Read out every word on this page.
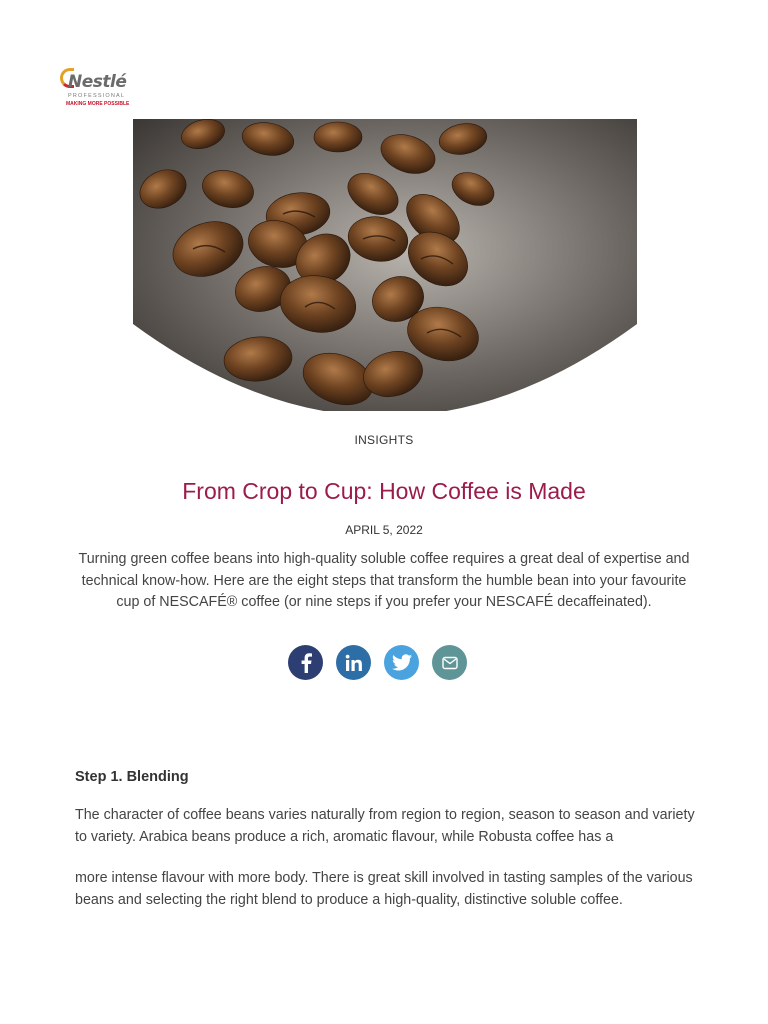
Nestlé
PROFESSIONAL
MAKING MORE POSSIBLE
INSIGHTS
From Crop to Cup: How Coffee is Made
APRIL 5, 2022

Turning green coffee beans into high-quality soluble coffee requires a great deal of expertise and technical know-how. Here are the eight steps that transform the humble bean into your favourite cup of NESCAFÉ® coffee (or nine steps if you prefer your NESCAFÉ decaffeinated).

Step 1. Blending

The character of coffee beans varies naturally from region to region, season to season and variety to variety. Arabica beans produce a rich, aromatic flavour, while Robusta coffee has a

more intense flavour with more body. There is great skill involved in tasting samples of the various beans and selecting the right blend to produce a high-quality, distinctive soluble coffee.
